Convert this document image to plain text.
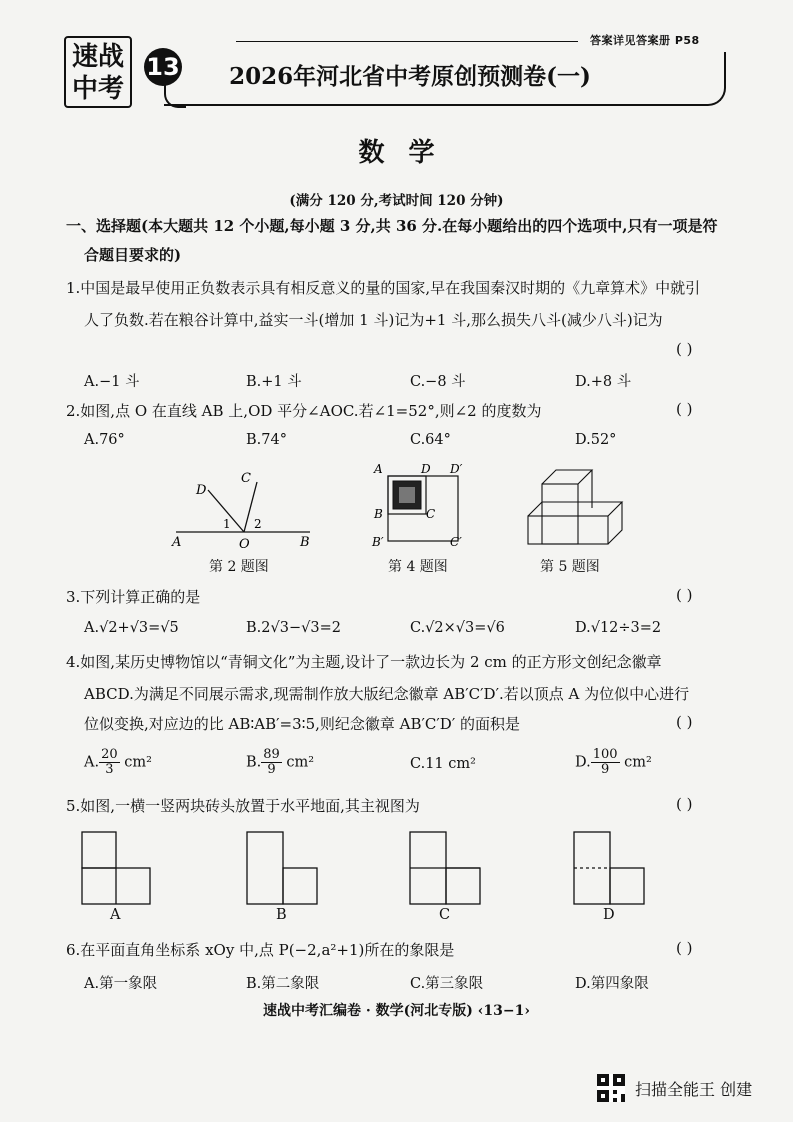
速战
中考
13
答案详见答案册 P58
2026年河北省中考原创预测卷(一)
数学
(满分 120 分,考试时间 120 分钟)
一、选择题(本大题共 12 个小题,每小题 3 分,共 36 分.在每小题给出的四个选项中,只有一项是符
合题目要求的)
1.中国是最早使用正负数表示具有相反意义的量的国家,早在我国秦汉时期的《九章算术》中就引
人了负数.若在粮谷计算中,益实一斗(增加 1 斗)记为+1 斗,那么损失八斗(减少八斗)记为
( )
A.−1 斗	B.+1 斗	C.−8 斗	D.+8 斗
2.如图,点 O 在直线 AB 上,OD 平分∠AOC.若∠1=52°,则∠2 的度数为	( )
A.76°	B.74°	C.64°	D.52°
A	B
O
D
C
1 2
第 2 题图
A	D D′
B	C
B′	C′
第 4 题图	第 5 题图
3.下列计算正确的是	( )
A.√2+√3=√5	B.2√3−√3=2	C.√2×√3=√6	D.√12÷3=2
4.如图,某历史博物馆以“青铜文化”为主题,设计了一款边长为 2 cm 的正方形文创纪念徽章
ABCD.为满足不同展示需求,现需制作放大版纪念徽章 AB′C′D′.若以顶点 A 为位似中心进行
位似变换,对应边的比 AB∶AB′=3∶5,则纪念徽章 AB′C′D′ 的面积是	( )
A. $\frac{20}{3} cm^2$	B. $\frac{89}{9} cm^2$	C.11 cm²	D. $\frac{100}{9} cm^2$
5.如图,一横一竖两块砖头放置于水平地面,其主视图为	( )
A	B	C	D
6.在平面直角坐标系 xOy 中,点 P(−2,a²+1)所在的象限是	( )
A.第一象限	B.第二象限	C.第三象限	D.第四象限
速战中考汇编卷 · 数学(河北专版) ‹13−1›
扫描全能王 创建
